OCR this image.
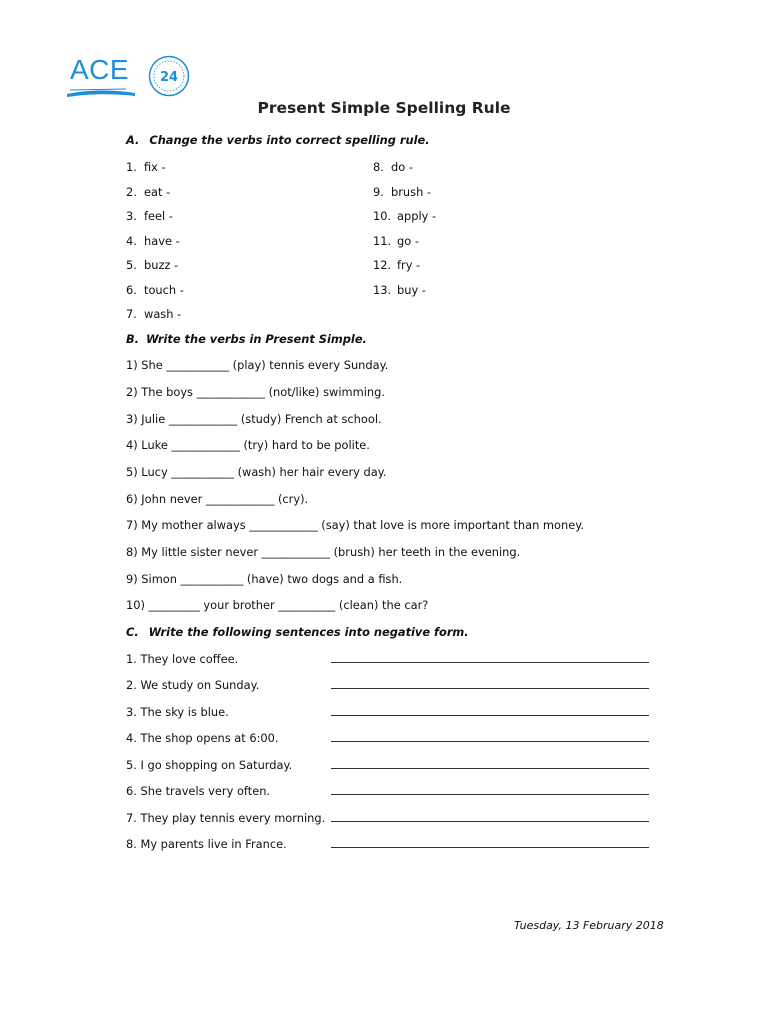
ACE 24
Present Simple Spelling Rule
A. Change the verbs into correct spelling rule.
1. fix -
2. eat -
3. feel -
4. have -
5. buzz -
6. touch -
7. wash -
8. do -
9. brush -
10. apply -
11. go -
12. fry -
13. buy -
B. Write the verbs in Present Simple.
1) She ___________ (play) tennis every Sunday.
2) The boys ____________ (not/like) swimming.
3) Julie ____________ (study) French at school.
4) Luke ____________ (try) hard to be polite.
5) Lucy ___________ (wash) her hair every day.
6) John never ____________ (cry).
7) My mother always ____________ (say) that love is more important than money.
8) My little sister never ____________ (brush) her teeth in the evening.
9) Simon ___________ (have) two dogs and a fish.
10) _________ your brother __________ (clean) the car?
C. Write the following sentences into negative form.
1. They love coffee.
2. We study on Sunday.
3. The sky is blue.
4. The shop opens at 6:00.
5. I go shopping on Saturday.
6. She travels very often.
7. They play tennis every morning.
8. My parents live in France.
Tuesday, 13 February 2018
